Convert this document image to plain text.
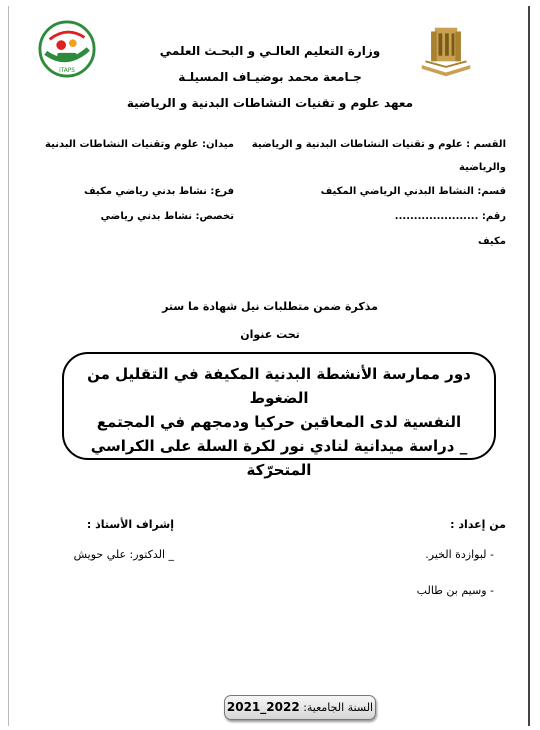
iTAPS
وزارة التعليم العالـي و البحـث العلمي
جـامعة محمد بوضيـاف المسيلـة
معهد علوم و تقنيات النشاطات البدنية و الرياضية
القسم : علوم و تقنيات النشاطات البدنية و الرياضية
ميدان: علوم وتقنيات النشاطات البدنية
والرياضية
قسم: النشاط البدني الرياضي المكيف
فرع: نشاط بدني رياضي مكيف
رقم: ......................
تخصص: نشاط بدني رياضي
مكيف
مذكرة ضمن متطلبات نيل شهادة ما ستر
تحت عنوان
دور ممارسة الأنشطة البدنية المكيفة في التقليل من الضغوط
النفسية لدى المعاقين حركيا ودمجهم في المجتمع
_ دراسة ميدانية لنادي نور لكرة السلة على الكراسي المتحرّكة
من إعداد :
إشراف الأستاذ :
- لبوازدة الخير.
_ الدكتور: علي حويش
- وسيم بن طالب
السنة الجامعية: 2022_2021
